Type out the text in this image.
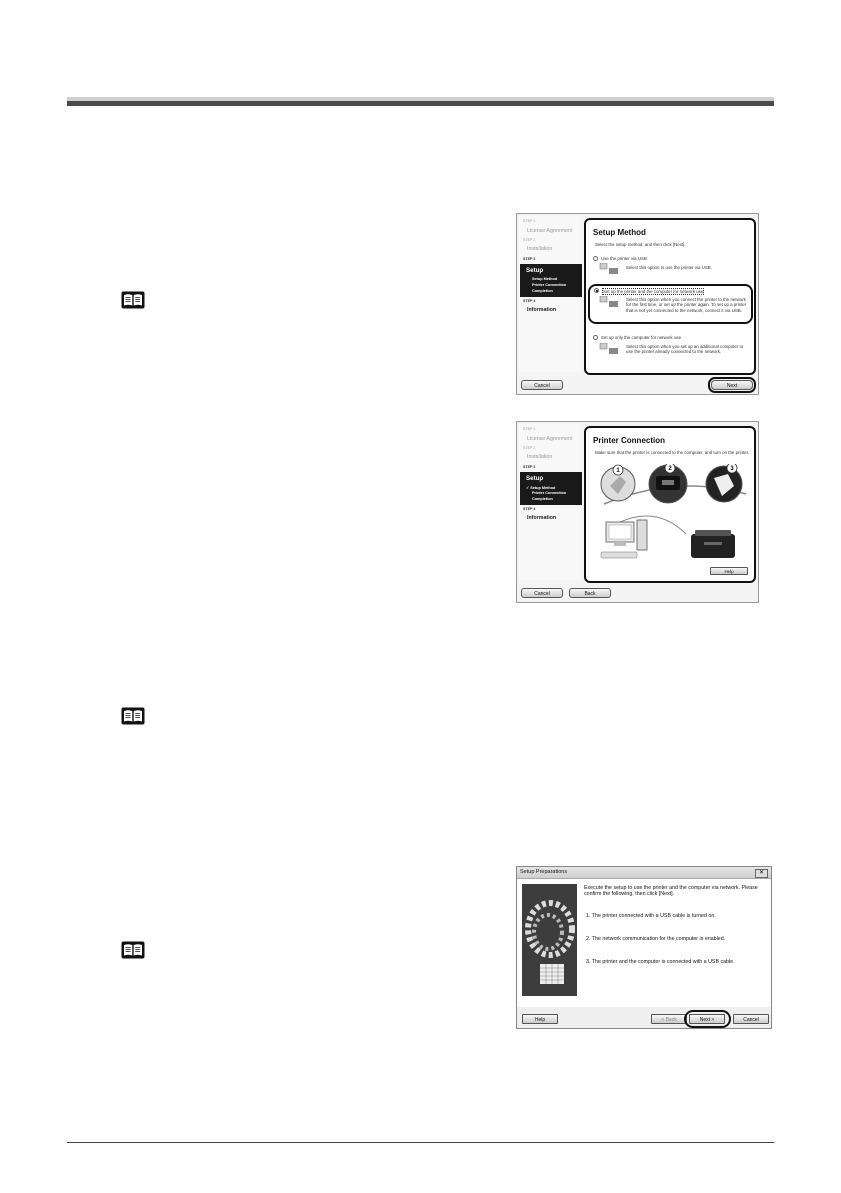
STEP 1
License Agreement
STEP 2
Installation
STEP 3
Setup
Setup Method
Printer Connection
Completion
STEP 4
Information
Setup Method
Select the setup method, and then click [Next].
Use the printer via USB
Select this option to use the printer via USB.
Set up the printer and the computer for network use
Select this option when you connect the printer to the network for the first time, or set up the printer again. To set up a printer that is not yet connected to the network, connect it via USB.
Set up only the computer for network use
Select this option when you set up an additional computer to use the printer already connected to the network.
Cancel	Next
STEP 1
License Agreement
STEP 2
Installation
STEP 3
Setup
✓ Setup Method
Printer Connection
Completion
STEP 4
Information
Printer Connection
Make sure that the printer is connected to the computer, and turn on the printer.
1	2	3
Help
Cancel	Back
Setup Preparations	✕
Execute the setup to use the printer and the computer via network. Please confirm the following, then click [Next].
1. The printer connected with a USB cable is turned on.
2. The network communication for the computer is enabled.
3. The printer and the computer is connected with a USB cable.
Help	< Back	Next >	Cancel
